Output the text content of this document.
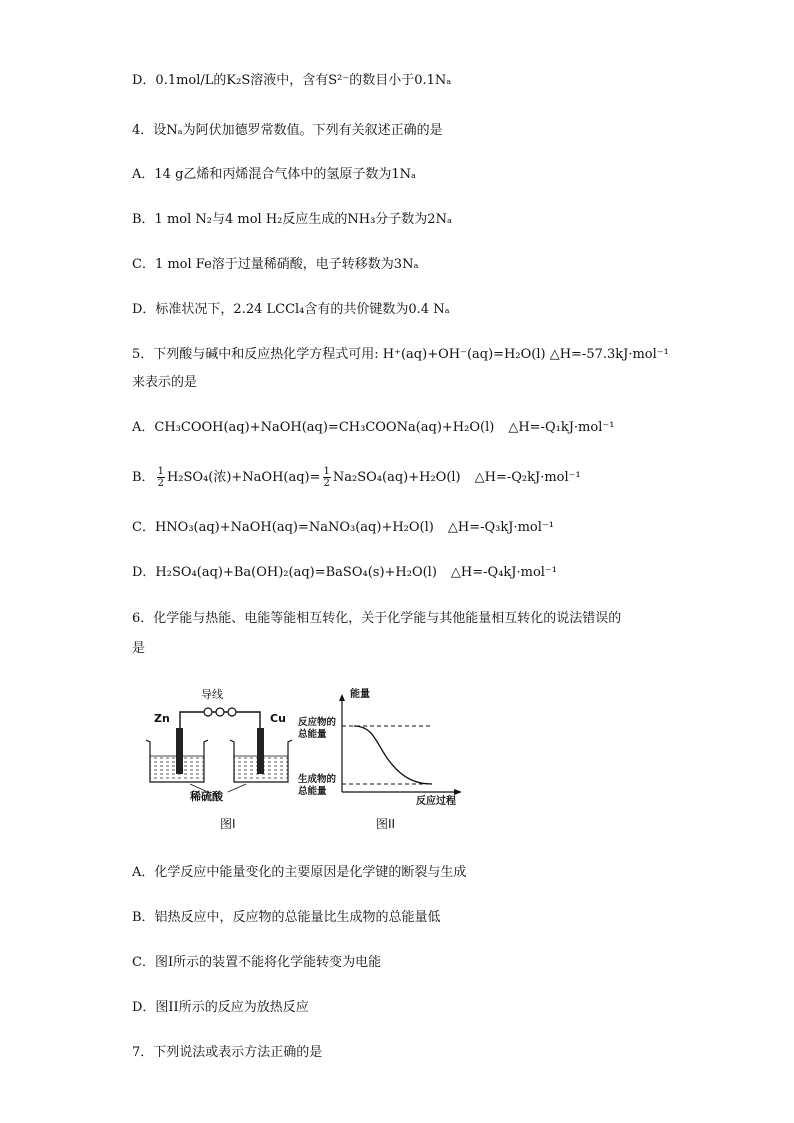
D．0.1mol/L的K₂S溶液中，含有S²⁻的数目小于0.1Nₐ
4．设Nₐ为阿伏加德罗常数值。下列有关叙述正确的是
A．14 g乙烯和丙烯混合气体中的氢原子数为1Nₐ
B．1 mol N₂与4 mol H₂反应生成的NH₃分子数为2Nₐ
C．1 mol Fe溶于过量稀硝酸，电子转移数为3Nₐ
D．标准状况下，2.24 LCCl₄含有的共价键数为0.4 Nₐ
5．下列酸与碱中和反应热化学方程式可用: H⁺(aq)+OH⁻(aq)=H₂O(l) △H=-57.3kJ·mol⁻¹
来表示的是
A．CH₃COOH(aq)+NaOH(aq)=CH₃COONa(aq)+H₂O(l) △H=-Q₁kJ·mol⁻¹
B． $\frac{1}{2} H_2SO_4$(浓)+NaOH(aq)= $\frac{1}{2} Na_2SO_4(aq)+H_2O(l)$ △H=-Q₂kJ·mol⁻¹
C．HNO₃(aq)+NaOH(aq)=NaNO₃(aq)+H₂O(l) △H=-Q₃kJ·mol⁻¹
D．H₂SO₄(aq)+Ba(OH)₂(aq)=BaSO₄(s)+H₂O(l) △H=-Q₄kJ·mol⁻¹
6．化学能与热能、电能等能相互转化，关于化学能与其他能量相互转化的说法错误的
是
导线
Zn	Cu
稀硫酸
图I
能量
反应物的
总能量
生成物的
总能量
反应过程
图II
A．化学反应中能量变化的主要原因是化学键的断裂与生成
B．铝热反应中，反应物的总能量比生成物的总能量低
C．图I所示的装置不能将化学能转变为电能
D．图II所示的反应为放热反应
7．下列说法或表示方法正确的是
